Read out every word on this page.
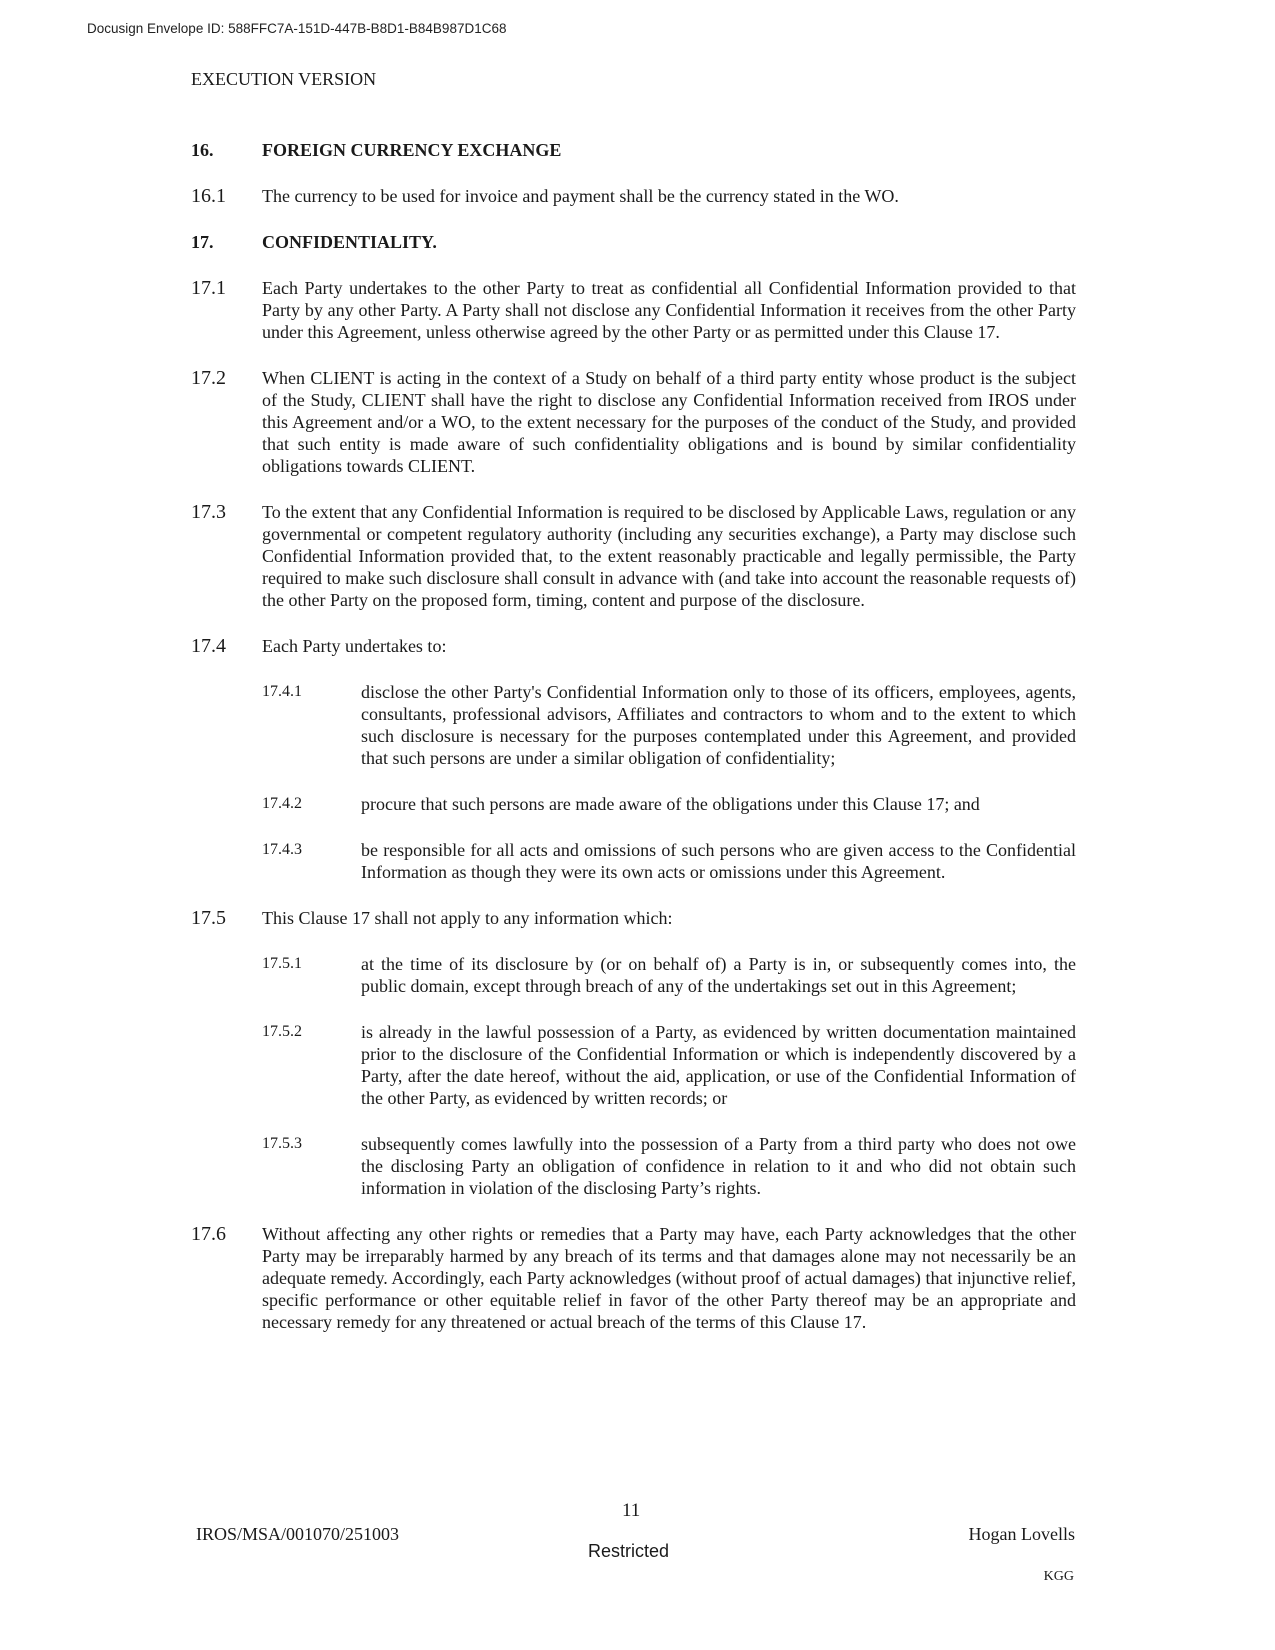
Docusign Envelope ID: 588FFC7A-151D-447B-B8D1-B84B987D1C68
EXECUTION VERSION
16.	FOREIGN CURRENCY EXCHANGE
16.1	The currency to be used for invoice and payment shall be the currency stated in the WO.
17.	CONFIDENTIALITY.
17.1	Each Party undertakes to the other Party to treat as confidential all Confidential Information provided to that Party by any other Party. A Party shall not disclose any Confidential Information it receives from the other Party under this Agreement, unless otherwise agreed by the other Party or as permitted under this Clause 17.
17.2	When CLIENT is acting in the context of a Study on behalf of a third party entity whose product is the subject of the Study, CLIENT shall have the right to disclose any Confidential Information received from IROS under this Agreement and/or a WO, to the extent necessary for the purposes of the conduct of the Study, and provided that such entity is made aware of such confidentiality obligations and is bound by similar confidentiality obligations towards CLIENT.
17.3	To the extent that any Confidential Information is required to be disclosed by Applicable Laws, regulation or any governmental or competent regulatory authority (including any securities exchange), a Party may disclose such Confidential Information provided that, to the extent reasonably practicable and legally permissible, the Party required to make such disclosure shall consult in advance with (and take into account the reasonable requests of) the other Party on the proposed form, timing, content and purpose of the disclosure.
17.4	Each Party undertakes to:
17.4.1	disclose the other Party's Confidential Information only to those of its officers, employees, agents, consultants, professional advisors, Affiliates and contractors to whom and to the extent to which such disclosure is necessary for the purposes contemplated under this Agreement, and provided that such persons are under a similar obligation of confidentiality;
17.4.2	procure that such persons are made aware of the obligations under this Clause 17; and
17.4.3	be responsible for all acts and omissions of such persons who are given access to the Confidential Information as though they were its own acts or omissions under this Agreement.
17.5	This Clause 17 shall not apply to any information which:
17.5.1	at the time of its disclosure by (or on behalf of) a Party is in, or subsequently comes into, the public domain, except through breach of any of the undertakings set out in this Agreement;
17.5.2	is already in the lawful possession of a Party, as evidenced by written documentation maintained prior to the disclosure of the Confidential Information or which is independently discovered by a Party, after the date hereof, without the aid, application, or use of the Confidential Information of the other Party, as evidenced by written records; or
17.5.3	subsequently comes lawfully into the possession of a Party from a third party who does not owe the disclosing Party an obligation of confidence in relation to it and who did not obtain such information in violation of the disclosing Party’s rights.
17.6	Without affecting any other rights or remedies that a Party may have, each Party acknowledges that the other Party may be irreparably harmed by any breach of its terms and that damages alone may not necessarily be an adequate remedy. Accordingly, each Party acknowledges (without proof of actual damages) that injunctive relief, specific performance or other equitable relief in favor of the other Party thereof may be an appropriate and necessary remedy for any threatened or actual breach of the terms of this Clause 17.
11
IROS/MSA/001070/251003
Restricted
Hogan Lovells
KGG
